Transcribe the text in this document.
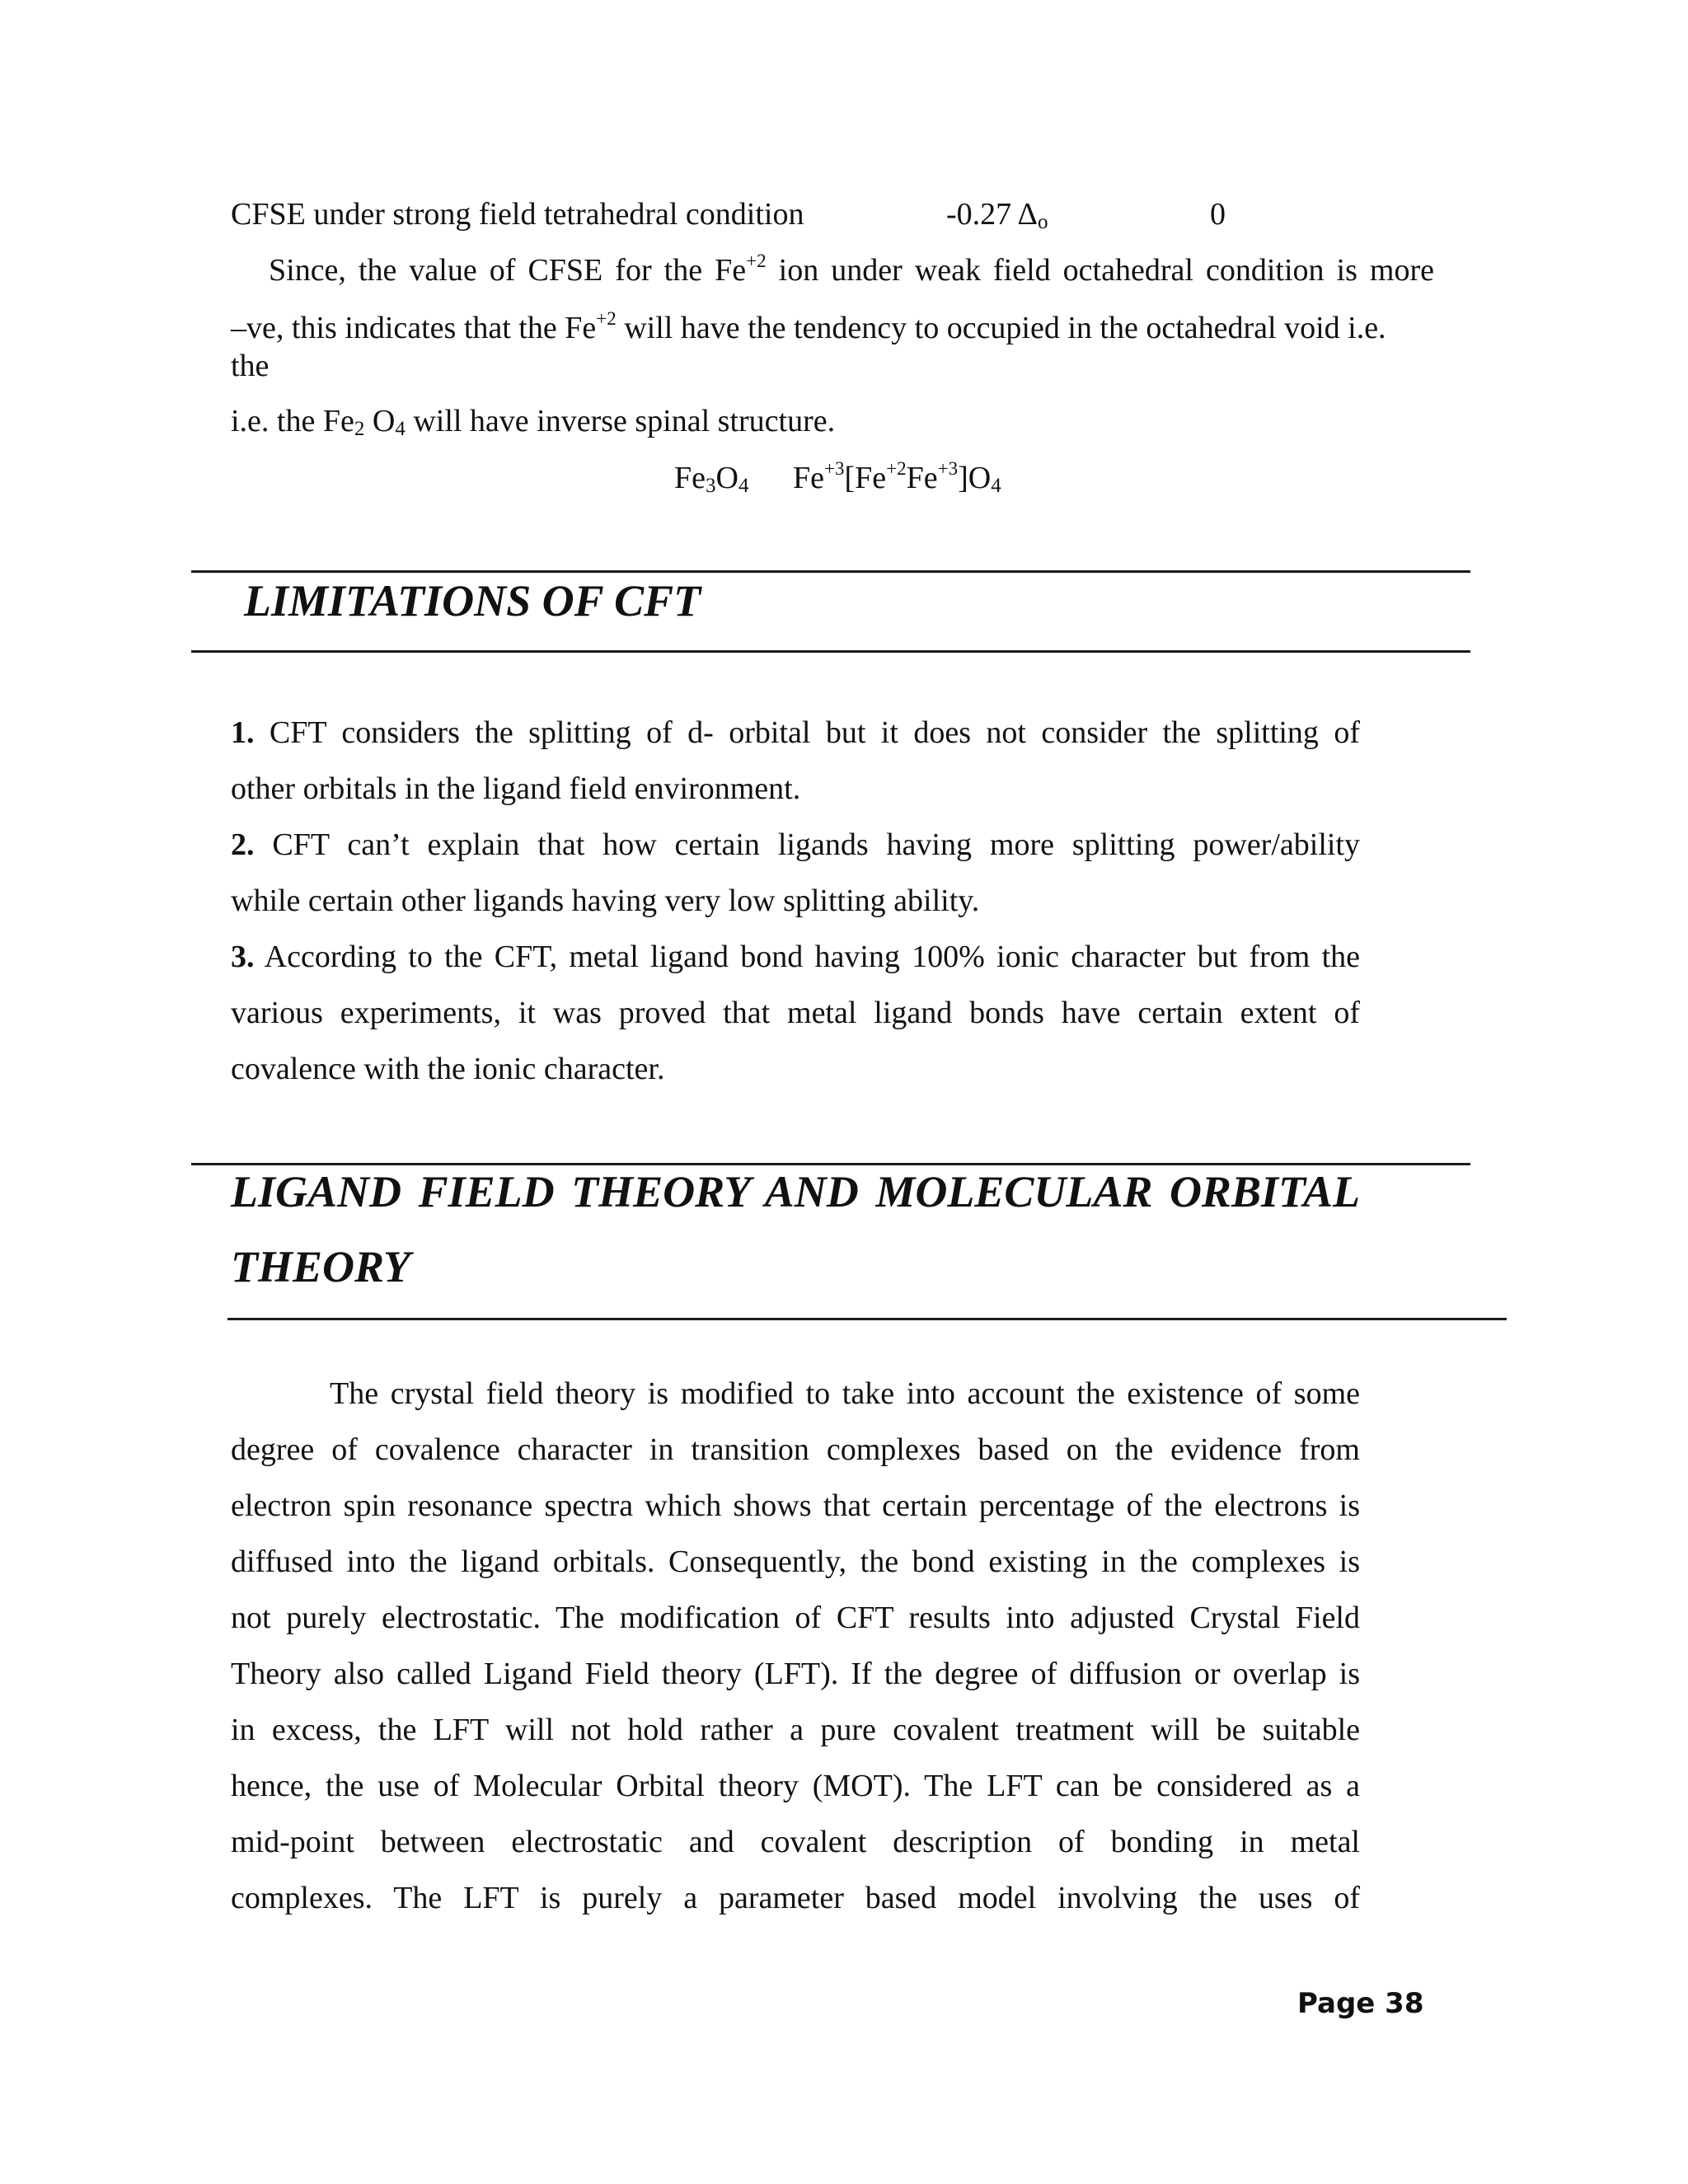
CFSE under strong field tetrahedral condition	-0.27 $\Delta_o$	0
Since, the value of CFSE for the $Fe^{+2}$ ion under weak field octahedral condition is more
–ve, this indicates that the $Fe^{+2}$ will have the tendency to occupied in the octahedral void i.e.
the
i.e. the $Fe_2$ $O_4$ will have inverse spinal structure.
$Fe_3O_4$ $Fe^{+3}[Fe^{+2}Fe^{+3}]O_4$
LIMITATIONS OF CFT
1. CFT considers the splitting of d- orbital but it does not consider the splitting of
other orbitals in the ligand field environment.
2. CFT can’t explain that how certain ligands having more splitting power/ability
while certain other ligands having very low splitting ability.
3. According to the CFT, metal ligand bond having 100% ionic character but from the
various experiments, it was proved that metal ligand bonds have certain extent of
covalence with the ionic character.
LIGAND FIELD THEORY AND MOLECULAR ORBITAL
THEORY
The crystal field theory is modified to take into account the existence of some
degree of covalence character in transition complexes based on the evidence from
electron spin resonance spectra which shows that certain percentage of the electrons is
diffused into the ligand orbitals. Consequently, the bond existing in the complexes is
not purely electrostatic. The modification of CFT results into adjusted Crystal Field
Theory also called Ligand Field theory (LFT). If the degree of diffusion or overlap is
in excess, the LFT will not hold rather a pure covalent treatment will be suitable
hence, the use of Molecular Orbital theory (MOT). The LFT can be considered as a
mid-point between electrostatic and covalent description of bonding in metal
complexes. The LFT is purely a parameter based model involving the uses of
Page 38
